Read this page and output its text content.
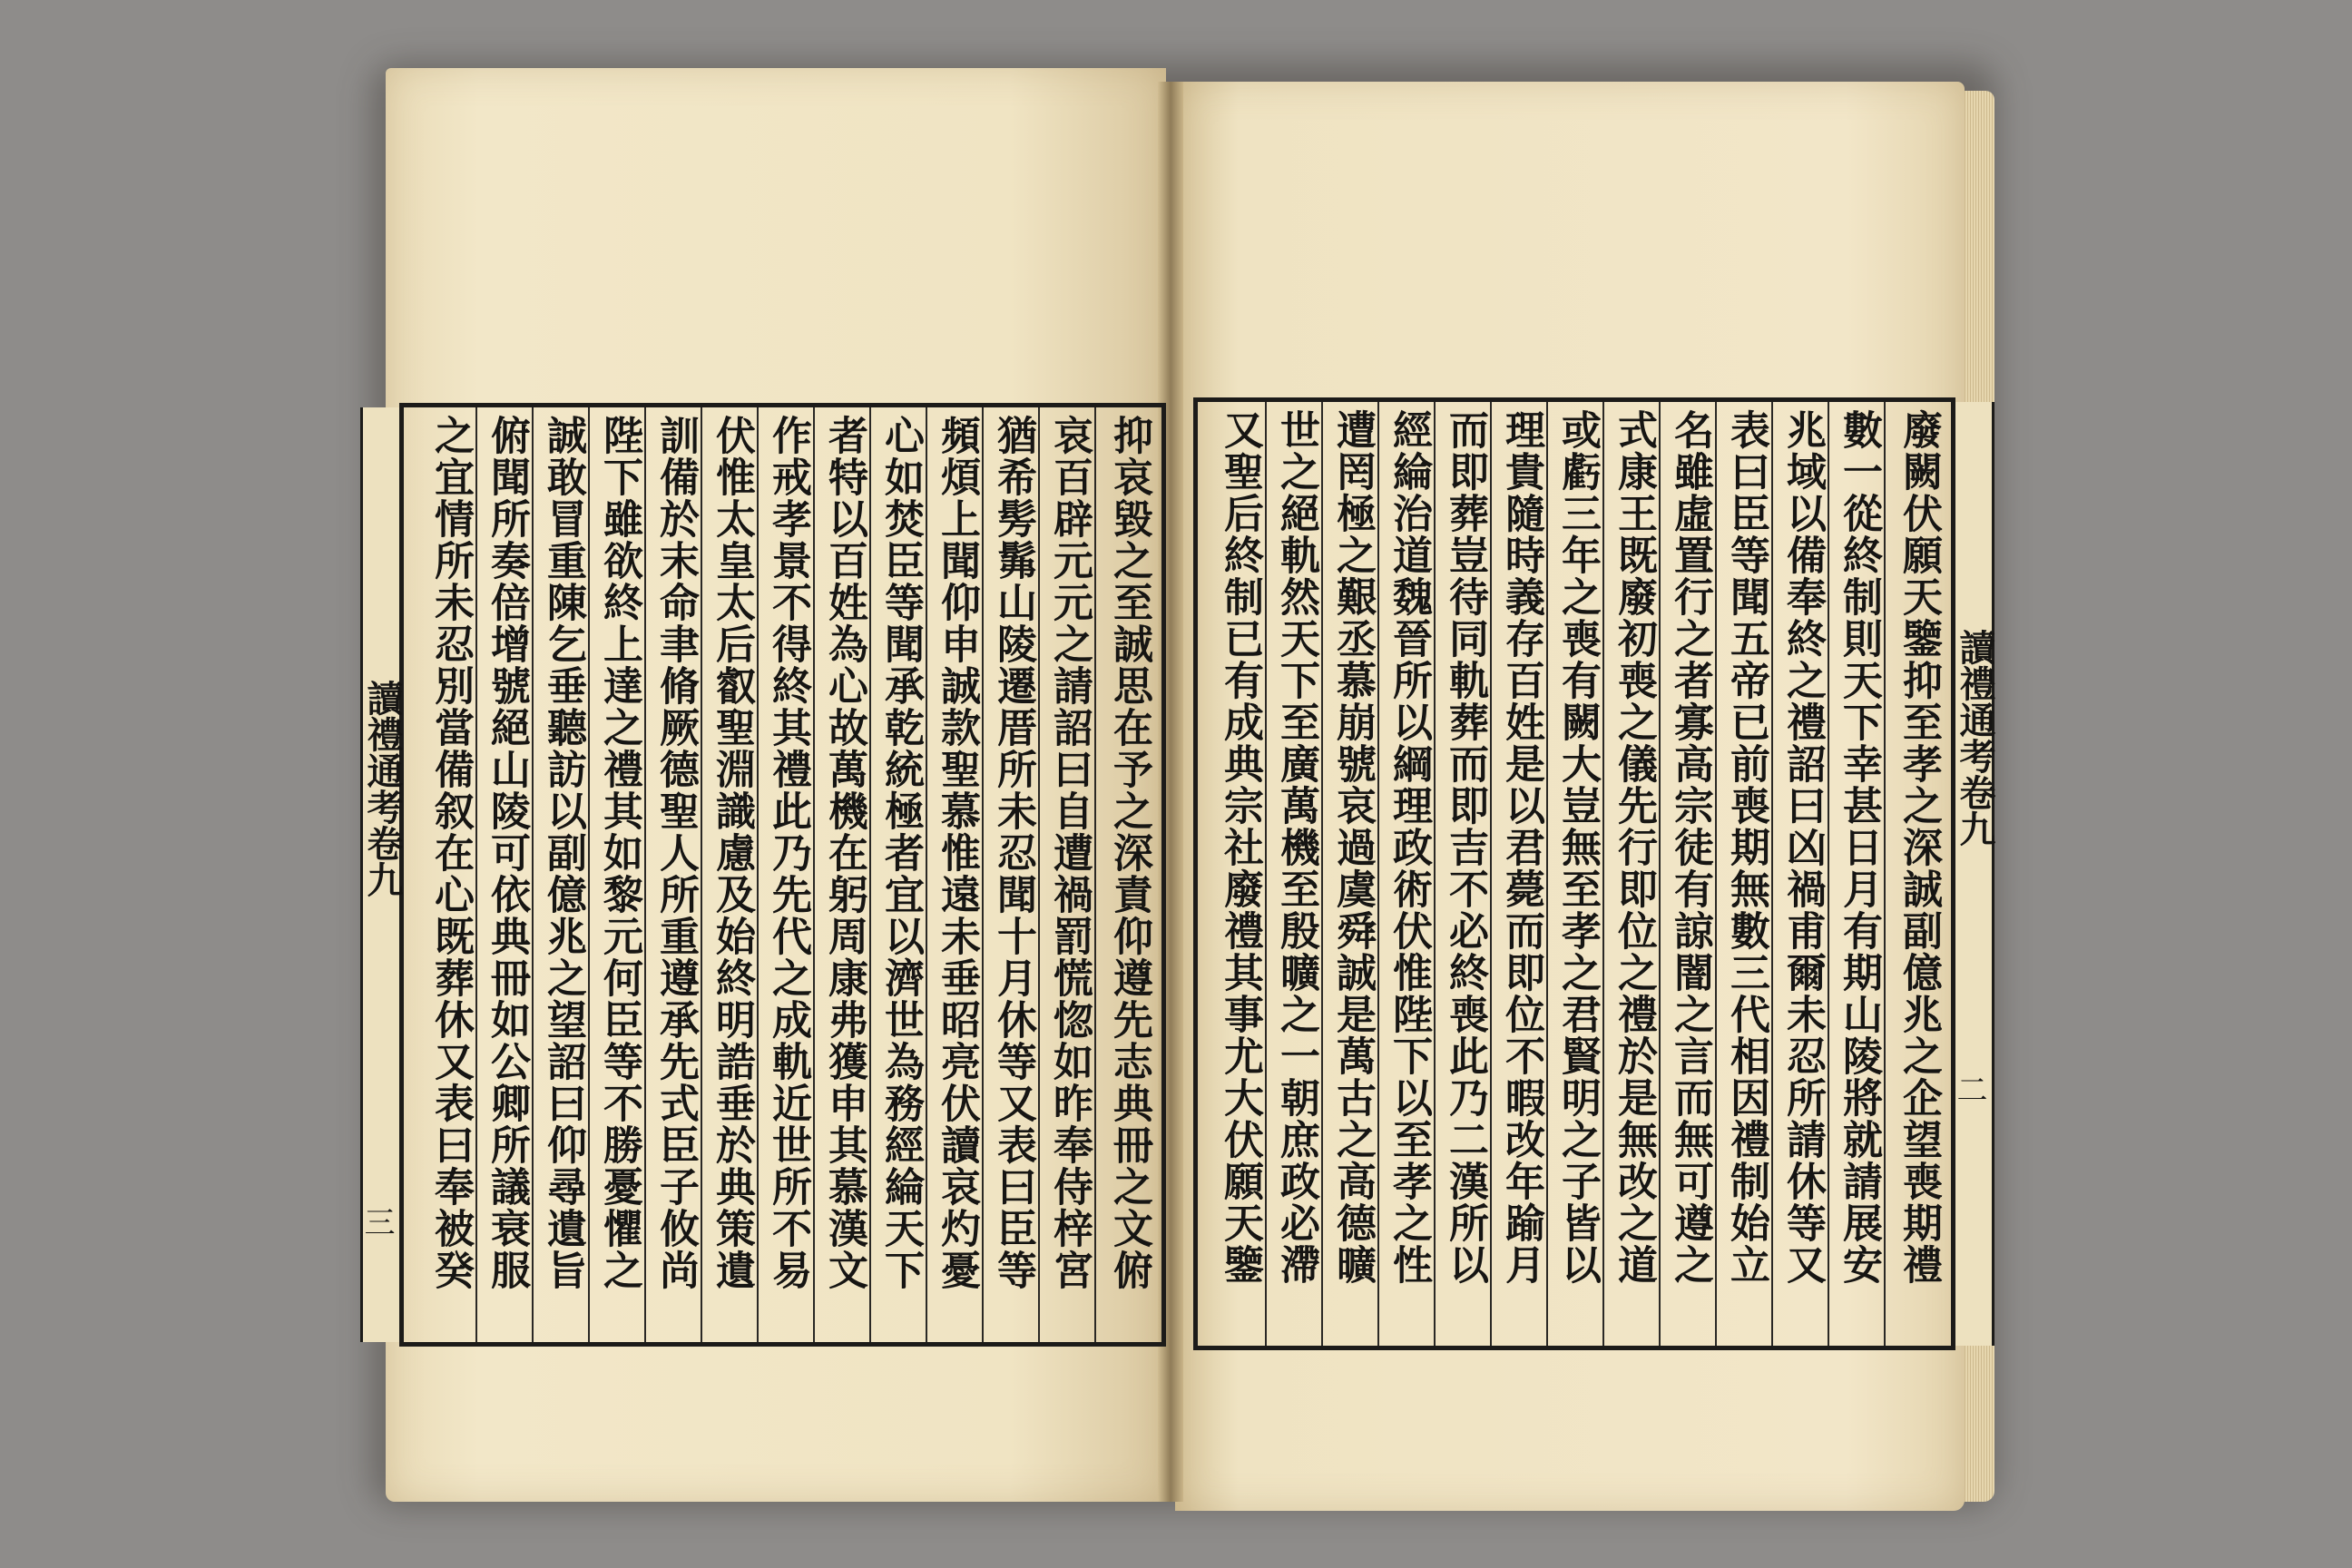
讀禮通考卷九
三	抑哀毀之至誠思在予之深責仰遵先志典冊之文俯
哀百辟元元之請詔曰自遭禍罰慌惚如昨奉侍梓宮
猶希髣髴山陵遷厝所未忍聞十月休等又表曰臣等
頻煩上聞仰申誠款聖慕惟遠未垂昭亮伏讀哀灼憂
心如焚臣等聞承乾統極者宜以濟世為務經綸天下
者特以百姓為心故萬機在躬周康弗獲申其慕漢文
作戒孝景不得終其禮此乃先代之成軌近世所不易
伏惟太皇太后叡聖淵識慮及始終明誥垂於典策遺
訓備於末命聿脩厥德聖人所重遵承先式臣子攸尚
陛下雖欲終上達之禮其如黎元何臣等不勝憂懼之
誠敢冒重陳乞垂聽訪以副億兆之望詔曰仰尋遺旨
俯聞所奏倍增號絕山陵可依典冊如公卿所議衰服
之宜情所未忍別當備叙在心既葬休又表曰奉被癸	讀禮通考卷九
二
廢闕伏願天鑒抑至孝之深誠副億兆之企望喪期禮
數一從終制則天下幸甚日月有期山陵將就請展安
兆域以備奉終之禮詔曰凶禍甫爾未忍所請休等又
表曰臣等聞五帝已前喪期無數三代相因禮制始立
名雖虛置行之者寡高宗徒有諒闇之言而無可遵之
式康王既廢初喪之儀先行即位之禮於是無改之道
或虧三年之喪有闕大豈無至孝之君賢明之子皆以
理貴隨時義存百姓是以君薨而即位不暇改年踰月
而即葬豈待同軌葬而即吉不必終喪此乃二漢所以
經綸治道魏晉所以綱理政術伏惟陛下以至孝之性
遭罔極之艱丞慕崩號哀過虞舜誠是萬古之高德曠
世之絕軌然天下至廣萬機至殷曠之一朝庶政必滯
又聖后終制已有成典宗社廢禮其事尤大伏願天鑒
